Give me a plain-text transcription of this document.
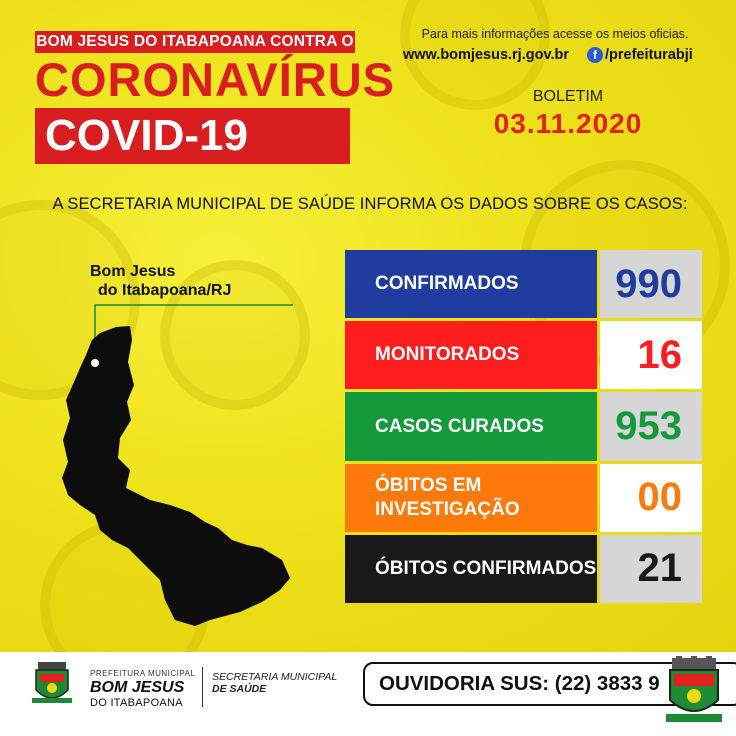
BOM JESUS DO ITABAPOANA CONTRA O
CORONAVÍRUS
COVID-19
Para mais informações acesse os meios oficias.
www.bomjesus.rj.gov.br	f /prefeiturabji
BOLETIM
03.11.2020
A SECRETARIA MUNICIPAL DE SAÚDE INFORMA OS DADOS SOBRE OS CASOS:
Bom Jesus
do Itabapoana/RJ	CONFIRMADOS	990
MONITORADOS	16
CASOS CURADOS	953
ÓBITOS EM INVESTIGAÇÃO	00
ÓBITOS CONFIRMADOS	21
PREFEITURA MUNICIPAL
BOM JESUS
DO ITABAPOANA
SECRETARIA MUNICIPAL

DE SAÚDE	OUVIDORIA SUS: (22) 3833 9
